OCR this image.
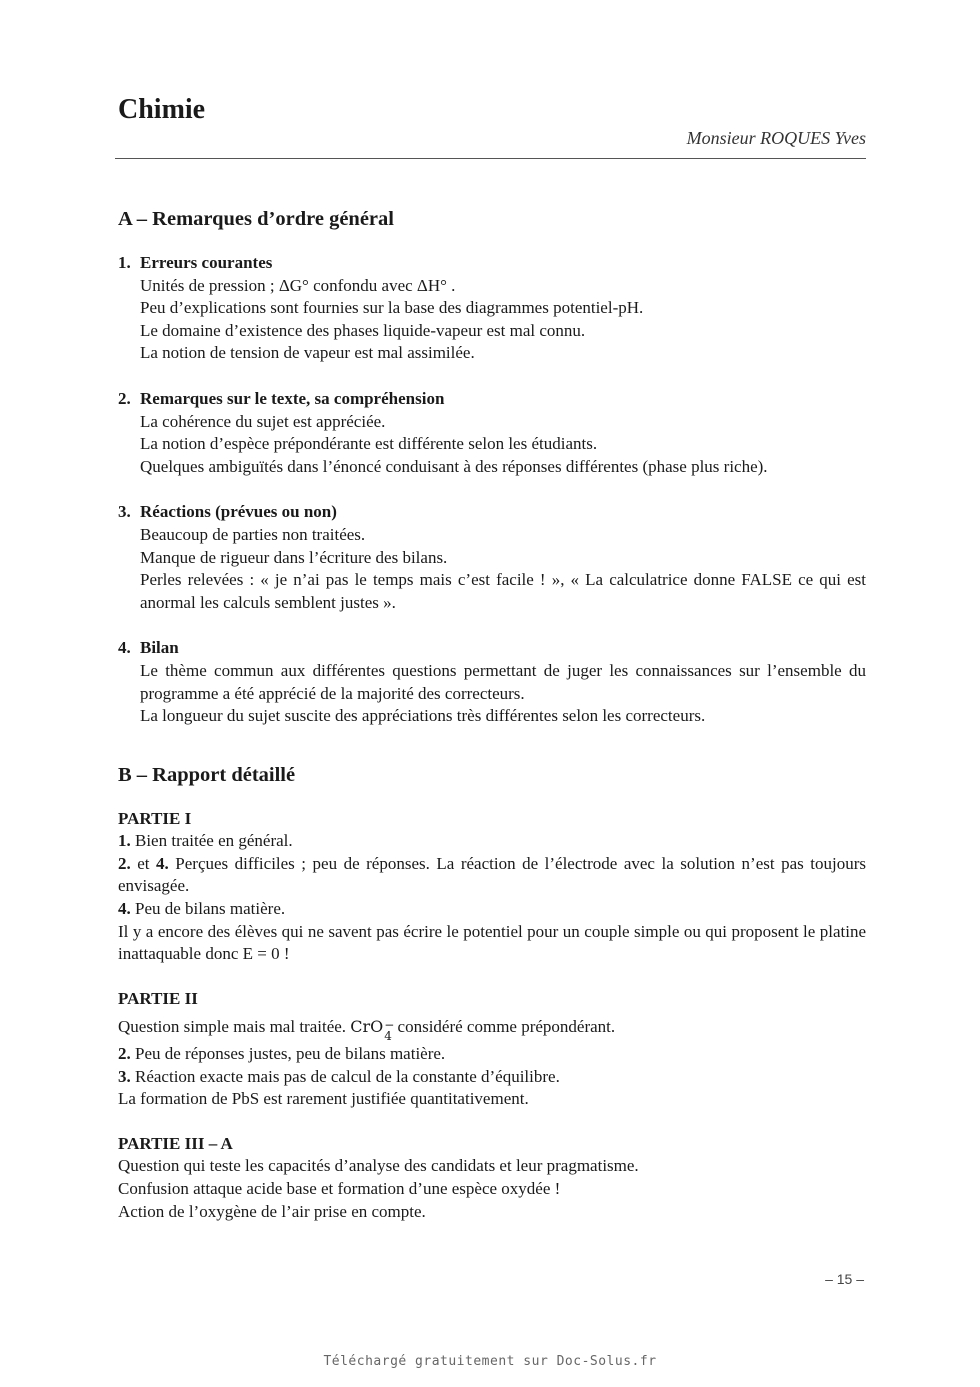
Chimie
Monsieur ROQUES Yves
A – Remarques d’ordre général
1. Erreurs courantes

Unités de pression ; ΔG° confondu avec ΔH° .

Peu d’explications sont fournies sur la base des diagrammes potentiel-pH.

Le domaine d’existence des phases liquide-vapeur est mal connu.

La notion de tension de vapeur est mal assimilée.

2. Remarques sur le texte, sa compréhension

La cohérence du sujet est appréciée.

La notion d’espèce prépondérante est différente selon les étudiants.

Quelques ambiguïtés dans l’énoncé conduisant à des réponses différentes (phase plus riche).

3. Réactions (prévues ou non)

Beaucoup de parties non traitées.

Manque de rigueur dans l’écriture des bilans.

Perles relevées : « je n’ai pas le temps mais c’est facile ! », « La calculatrice donne FALSE ce qui est anormal les calculs semblent justes ».

4. Bilan

Le thème commun aux différentes questions permettant de juger les connaissances sur l’ensemble du programme a été apprécié de la majorité des correcteurs.

La longueur du sujet suscite des appréciations très différentes selon les correcteurs.

B – Rapport détaillé
PARTIE I

1. Bien traitée en général.

2. et 4. Perçues difficiles ; peu de réponses. La réaction de l’électrode avec la solution n’est pas toujours envisagée.

4. Peu de bilans matière.

Il y a encore des élèves qui ne savent pas écrire le potentiel pour un couple simple ou qui proposent le platine inattaquable donc E = 0 !

PARTIE II

Question simple mais mal traitée. CrO −
4 considéré comme prépondérant.

2. Peu de réponses justes, peu de bilans matière.

3. Réaction exacte mais pas de calcul de la constante d’équilibre.

La formation de PbS est rarement justifiée quantitativement.

PARTIE III – A

Question qui teste les capacités d’analyse des candidats et leur pragmatisme.

Confusion attaque acide base et formation d’une espèce oxydée !

Action de l’oxygène de l’air prise en compte.

– 15 –
Téléchargé gratuitement sur Doc-Solus.fr
